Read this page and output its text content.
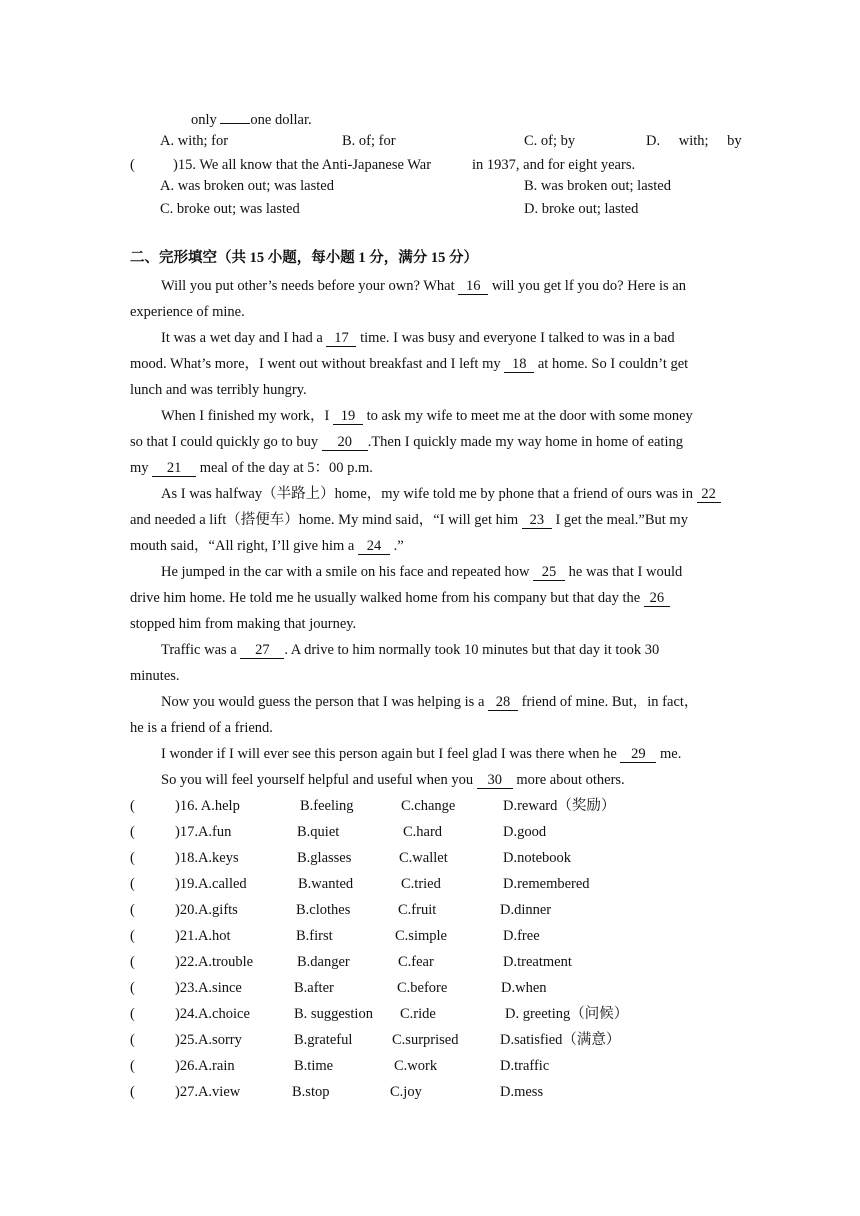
only one dollar.
A. with; for	B. of; for	C. of; by	D. with; by
(	)15. We all know that the Anti-Japanese War	in 1937, and for eight years.
A. was broken out; was lasted	B. was broken out; lasted
C. broke out; was lasted	D. broke out; lasted
二、完形填空（共 15 小题，每小题 1 分，满分 15 分）
Will you put other’s needs before your own? What 16 will you get lf you do? Here is an
experience of mine.
It was a wet day and I had a 17 time. I was busy and everyone I talked to was in a bad
mood. What’s more，I went out without breakfast and I left my 18 at home. So I couldn’t get
lunch and was terribly hungry.
When I finished my work，I 19 to ask my wife to meet me at the door with some money
so that I could quickly go to buy 20 .Then I quickly made my way home in home of eating
my 21 meal of the day at 5：00 p.m.
As I was halfway（半路上）home，my wife told me by phone that a friend of ours was in 22
and needed a lift（搭便车）home. My mind said，“I will get him 23 I get the meal.”But my
mouth said，“All right, I’ll give him a 24 .”
He jumped in the car with a smile on his face and repeated how 25 he was that I would
drive him home. He told me he usually walked home from his company but that day the 26
stopped him from making that journey.
Traffic was a 27 . A drive to him normally took 10 minutes but that day it took 30
minutes.
Now you would guess the person that I was helping is a 28 friend of mine. But，in fact，
he is a friend of a friend.
I wonder if I will ever see this person again but I feel glad I was there when he 29 me.
So you will feel yourself helpful and useful when you 30 more about others.
(	)16. A.help	B.feeling	C.change	D.reward（奖励）
(	)17.A.fun	B.quiet	C.hard	D.good
(	)18.A.keys	B.glasses	C.wallet	D.notebook
(	)19.A.called	B.wanted	C.tried	D.remembered
(	)20.A.gifts	B.clothes	C.fruit	D.dinner
(	)21.A.hot	B.first	C.simple	D.free
(	)22.A.trouble	B.danger	C.fear	D.treatment
(	)23.A.since	B.after	C.before	D.when
(	)24.A.choice	B. suggestion C.ride	D. greeting（问候）
(	)25.A.sorry	B.grateful	C.surprised	D.satisfied（满意）
(	)26.A.rain	B.time	C.work	D.traffic
(	)27.A.view	B.stop	C.joy	D.mess
